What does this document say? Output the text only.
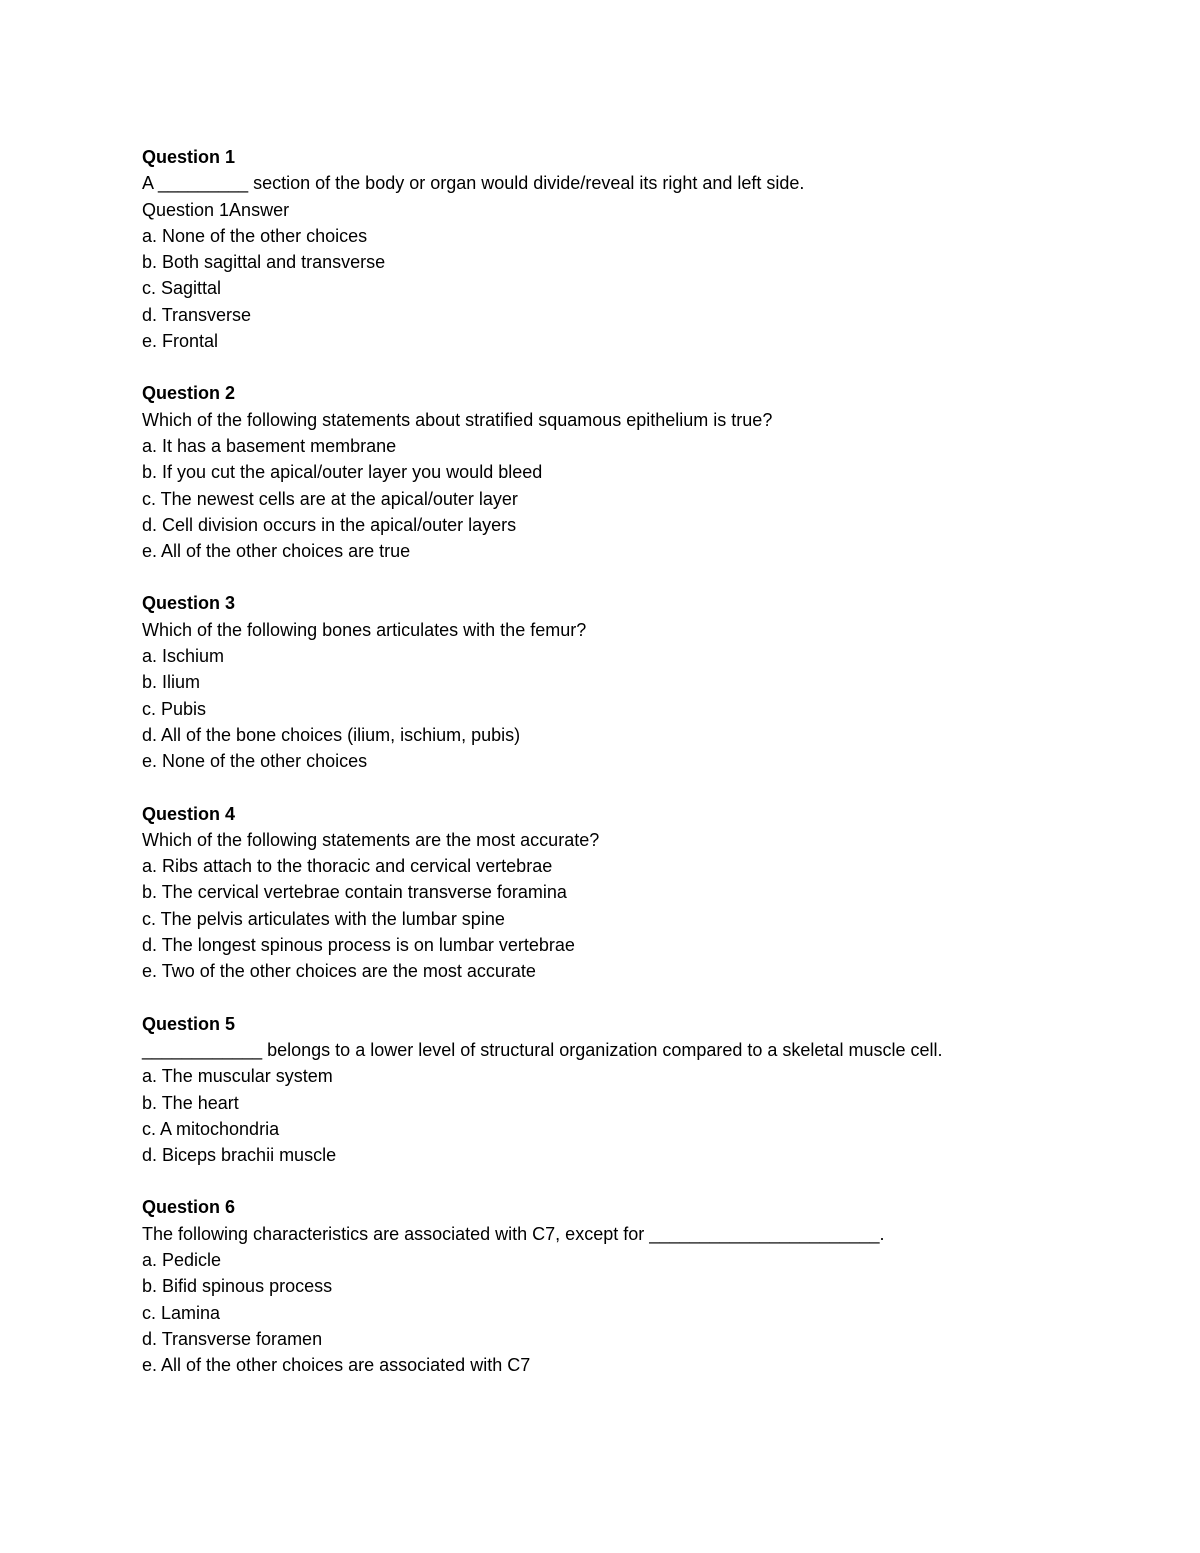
Question 1

A _________ section of the body or organ would divide/reveal its right and left side.

Question 1Answer

a. None of the other choices

b. Both sagittal and transverse

c. Sagittal

d. Transverse

e. Frontal

Question 2

Which of the following statements about stratified squamous epithelium is true?

a. It has a basement membrane

b. If you cut the apical/outer layer you would bleed

c. The newest cells are at the apical/outer layer

d. Cell division occurs in the apical/outer layers

e. All of the other choices are true

Question 3

Which of the following bones articulates with the femur?

a. Ischium

b. Ilium

c. Pubis

d. All of the bone choices (ilium, ischium, pubis)

e. None of the other choices

Question 4

Which of the following statements are the most accurate?

a. Ribs attach to the thoracic and cervical vertebrae

b. The cervical vertebrae contain transverse foramina

c. The pelvis articulates with the lumbar spine

d. The longest spinous process is on lumbar vertebrae

e. Two of the other choices are the most accurate

Question 5

____________ belongs to a lower level of structural organization compared to a skeletal muscle cell.

a. The muscular system

b. The heart

c. A mitochondria

d. Biceps brachii muscle

Question 6

The following characteristics are associated with C7, except for _______________________.

a. Pedicle

b. Bifid spinous process

c. Lamina

d. Transverse foramen

e. All of the other choices are associated with C7
